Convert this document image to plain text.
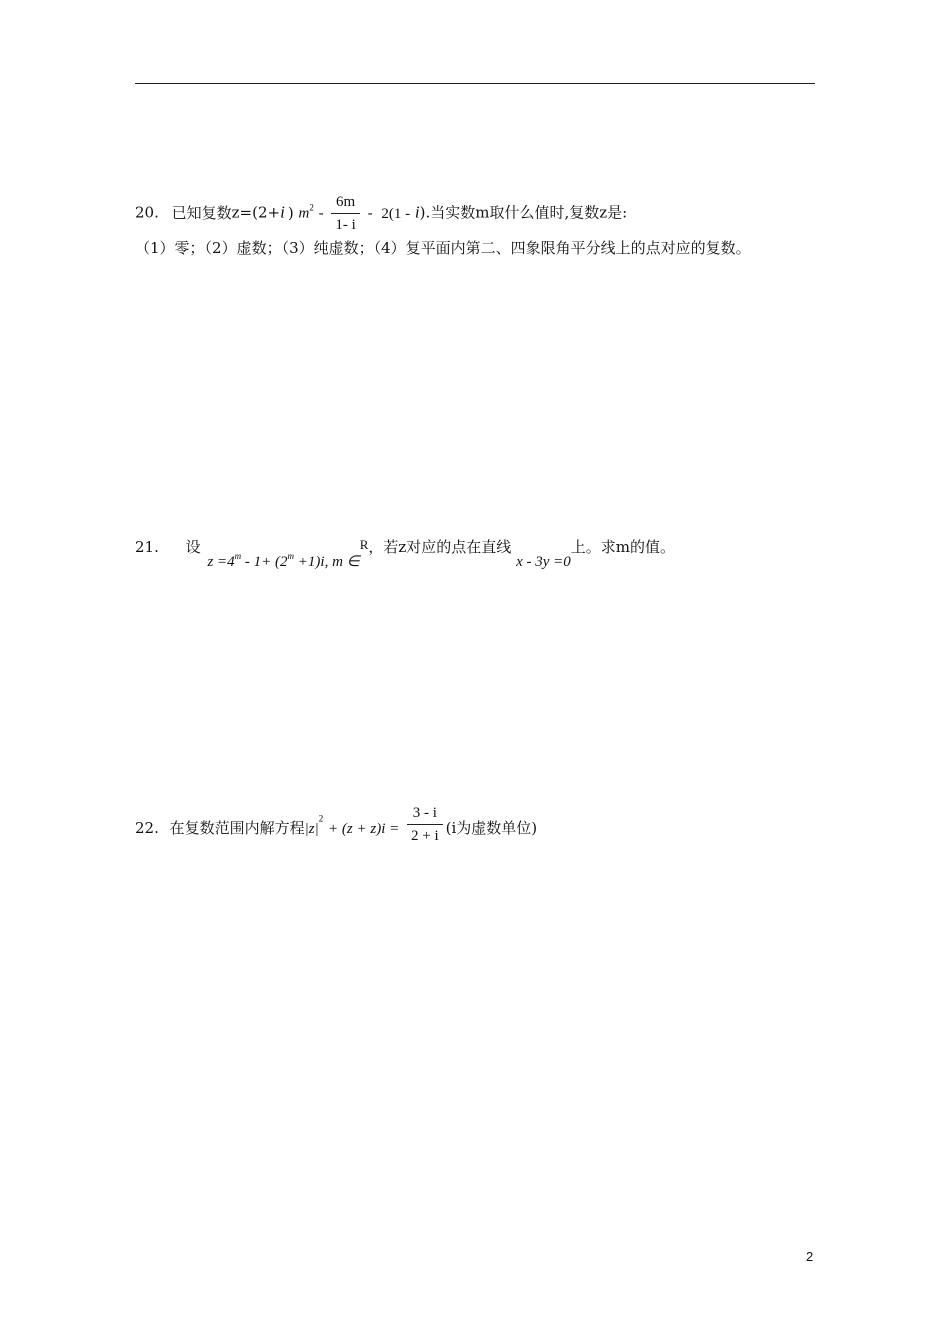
20. 已知复数z=(2+i ) $m^2 - \frac{6m}{1- i} - 2(1 - i)$.当实数m取什么值时,复数z是:
（1）零；（2）虚数；（3）纯虚数；（4）复平面内第二、四象限角平分线上的点对应的复数。
21. 设 $z =4^m - 1+ (2^m +1)i$, m ∈R，若z对应的点在直线 x - 3y =0上。求m的值。
22. 在复数范围内解方程$|z|^2 + (z + z)i = \frac{3 - i}{2 + i} (i$为虚数单位)
2
